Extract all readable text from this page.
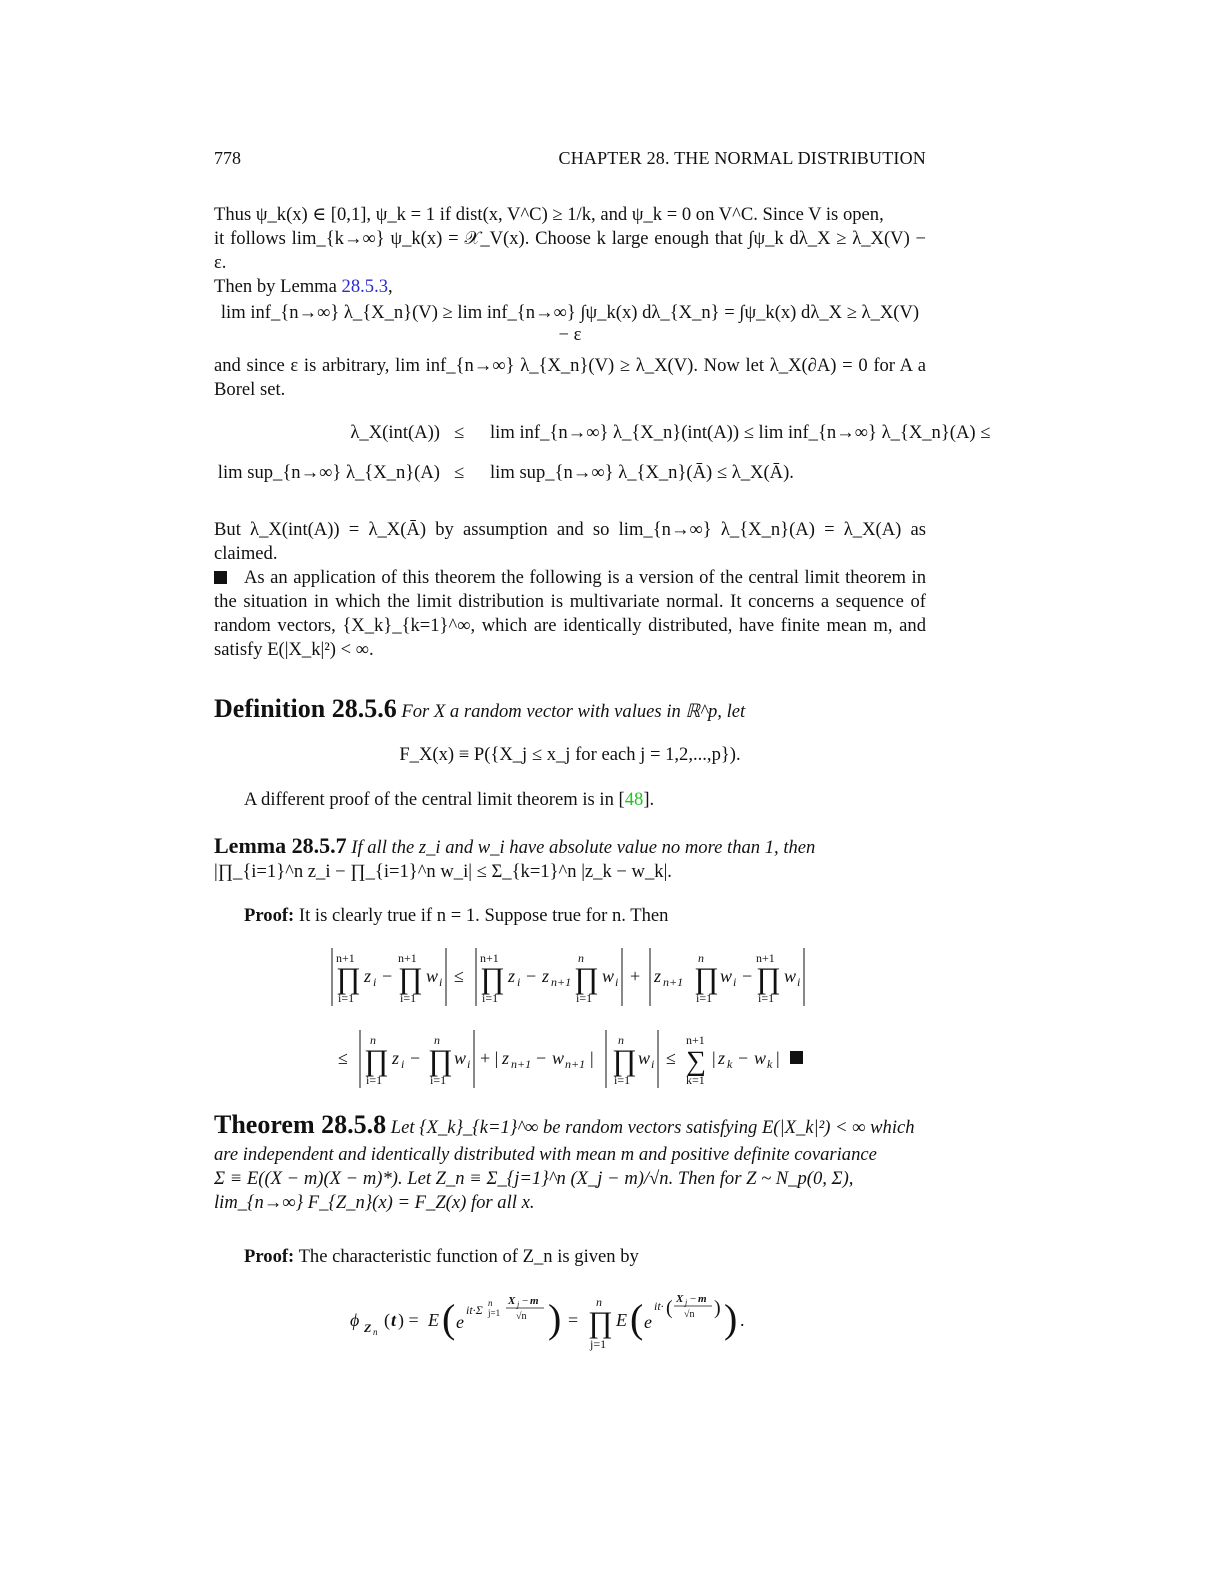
778	CHAPTER 28. THE NORMAL DISTRIBUTION
Thus ψ_k(x) ∈ [0,1], ψ_k = 1 if dist(x, V^C) ≥ 1/k, and ψ_k = 0 on V^C. Since V is open,
it follows lim_{k→∞} ψ_k(x) = 𝒳_V(x). Choose k large enough that ∫ψ_k dλ_X ≥ λ_X(V) − ε.
Then by Lemma 28.5.3,
lim inf_{n→∞} λ_{X_n}(V) ≥ lim inf_{n→∞} ∫ψ_k(x) dλ_{X_n} = ∫ψ_k(x) dλ_X ≥ λ_X(V) − ε
and since ε is arbitrary, lim inf_{n→∞} λ_{X_n}(V) ≥ λ_X(V). Now let λ_X(∂A) = 0 for A a Borel set.
λ_X(int(A)) ≤ lim inf_{n→∞} λ_{X_n}(int(A)) ≤ lim inf_{n→∞} λ_{X_n}(A) ≤
lim sup_{n→∞} λ_{X_n}(A) ≤ lim sup_{n→∞} λ_{X_n}(Ā) ≤ λ_X(Ā).
But λ_X(int(A)) = λ_X(Ā) by assumption and so lim_{n→∞} λ_{X_n}(A) = λ_X(A) as claimed.
As an application of this theorem the following is a version of the central limit theorem in the situation in which the limit distribution is multivariate normal. It concerns a sequence of random vectors, {X_k}_{k=1}^∞, which are identically distributed, have finite mean m, and satisfy E(|X_k|²) < ∞.
Definition 28.5.6 For X a random vector with values in ℝ^p, let
F_X(x) ≡ P({X_j ≤ x_j for each j = 1,2,...,p}).
A different proof of the central limit theorem is in [48].
Lemma 28.5.7 If all the z_i and w_i have absolute value no more than 1, then
|∏_{i=1}^n z_i − ∏_{i=1}^n w_i| ≤ Σ_{k=1}^n |z_k − w_k|.
Proof: It is clearly true if n = 1. Suppose true for n. Then
n+1
∏
i=1
z i −
n+1
∏
i=1
w i ≤
n+1
∏
i=1
z i − z n+1
n
∏
i=1
w i + z n+1
n
∏
i=1
w i −
n+1
∏
i=1
w i
≤
n
∏
i=1
z i −
n
∏
i=1
w i + | z n+1 − w n+1 |
n
∏
i=1
w i ≤
n+1
∑
k=1
| z k − w k |
Theorem 28.5.8 Let {X_k}_{k=1}^∞ be random vectors satisfying E(|X_k|²) < ∞ which
are independent and identically distributed with mean m and positive definite covariance
Σ ≡ E((X − m)(X − m)*). Let Z_n ≡ Σ_{j=1}^n (X_j − m)/√n. Then for Z ~ N_p(0, Σ),
lim_{n→∞} F_{Z_n}(x) = F_Z(x) for all x.
Proof: The characteristic function of Z_n is given by
ϕ Z n
( t ) = E ( e
it·Σ n
j=1
X j − m
√n ) =
n
∏
j=1
E ( e
it· ( X j − m
√n ) ) .
